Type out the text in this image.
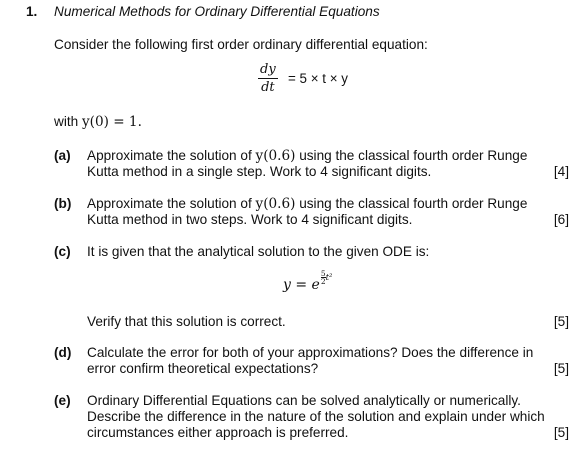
1. Numerical Methods for Ordinary Differential Equations
Consider the following first order ordinary differential equation:
dy
dt
= 5 × t × y
with y(0) = 1.
(a) Approximate the solution of y(0.6) using the classical fourth order Runge
Kutta method in a single step. Work to 4 significant digits.	[4]
(b) Approximate the solution of y(0.6) using the classical fourth order Runge
Kutta method in two steps. Work to 4 significant digits.	[6]
(c) It is given that the analytical solution to the given ODE is:
$y = e\frac{5}{2} t^2$
Verify that this solution is correct.	[5]
(d) Calculate the error for both of your approximations? Does the difference in
error confirm theoretical expectations?	[5]
(e) Ordinary Differential Equations can be solved analytically or numerically.
Describe the difference in the nature of the solution and explain under which
circumstances either approach is preferred.	[5]
